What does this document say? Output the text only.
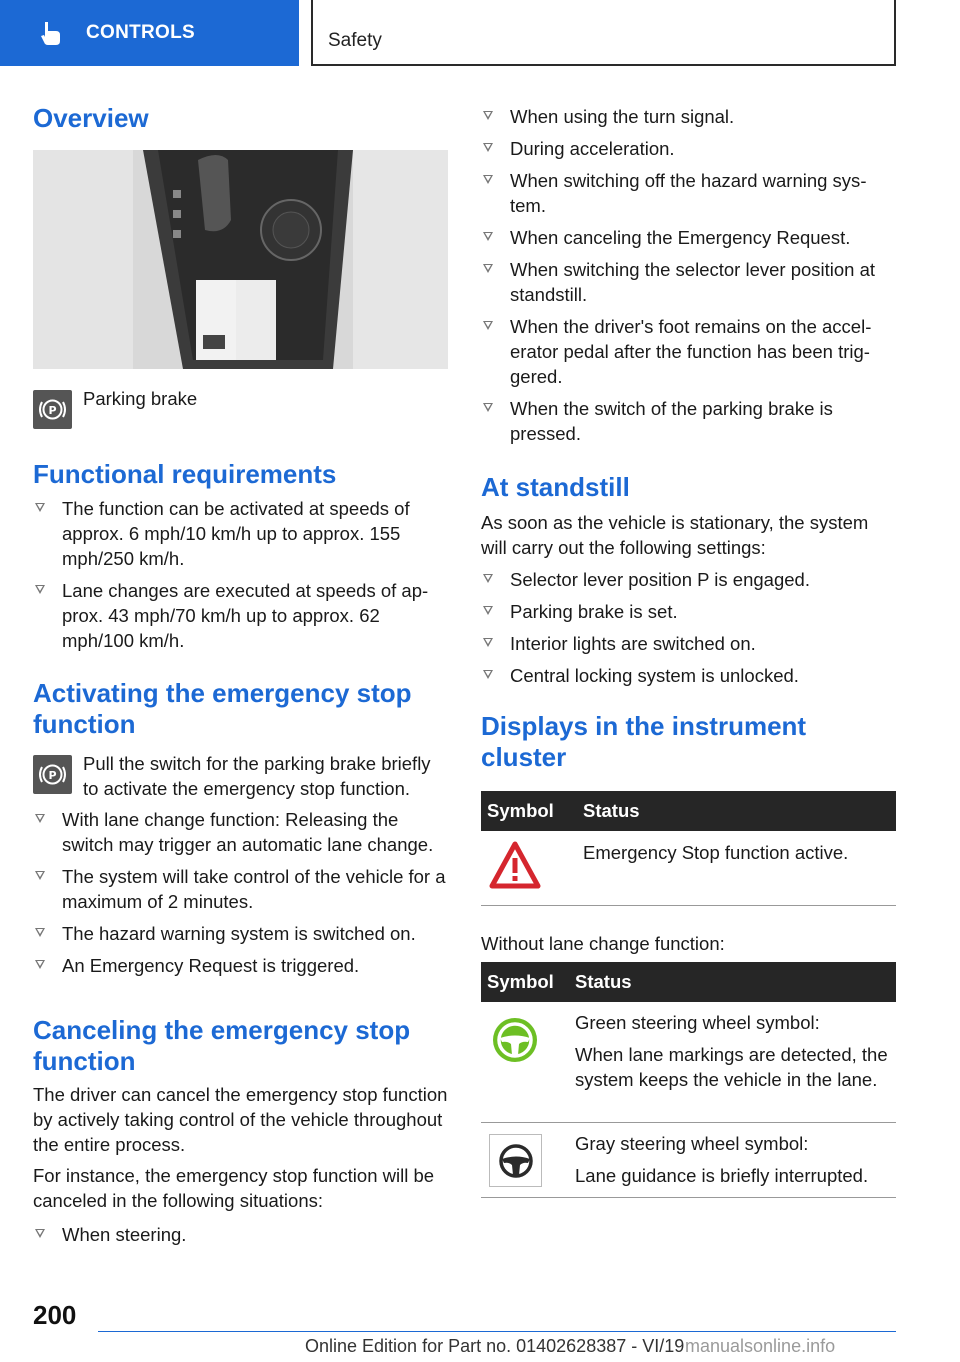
CONTROLS	Safety
Overview
P

Parking brake

Functional requirements
The function can be activated at speeds of approx. 6 mph/10 km/h up to approx. 155 mph/250 km/h.
Lane changes are executed at speeds of approx. 43 mph/70 km/h up to approx. 62 mph/100 km/h.
Activating the emergency stop function
P

Pull the switch for the parking brake briefly to activate the emergency stop function.

With lane change function: Releasing the switch may trigger an automatic lane change.
The system will take control of the vehicle for a maximum of 2 minutes.
The hazard warning system is switched on.
An Emergency Request is triggered.
Canceling the emergency stop function

The driver can cancel the emergency stop function by actively taking control of the vehicle throughout the entire process.

For instance, the emergency stop function will be canceled in the following situations:

When steering.
When using the turn signal.
During acceleration.
When switching off the hazard warning system.
When canceling the Emergency Request.
When switching the selector lever position at standstill.
When the driver's foot remains on the accelerator pedal after the function has been triggered.
When the switch of the parking brake is pressed.
At standstill

As soon as the vehicle is stationary, the system will carry out the following settings:

Selector lever position P is engaged.
Parking brake is set.
Interior lights are switched on.
Central locking system is unlocked.
Displays in the instrument cluster
Symbol Status

Emergency Stop function active.

Without lane change function:

Symbol Status

Green steering wheel symbol:

When lane markings are detected, the system keeps the vehicle in the lane.

Gray steering wheel symbol:

Lane guidance is briefly interrupted.

200
Online Edition for Part no. 01402628387 - VI/19 manualsonline.info
